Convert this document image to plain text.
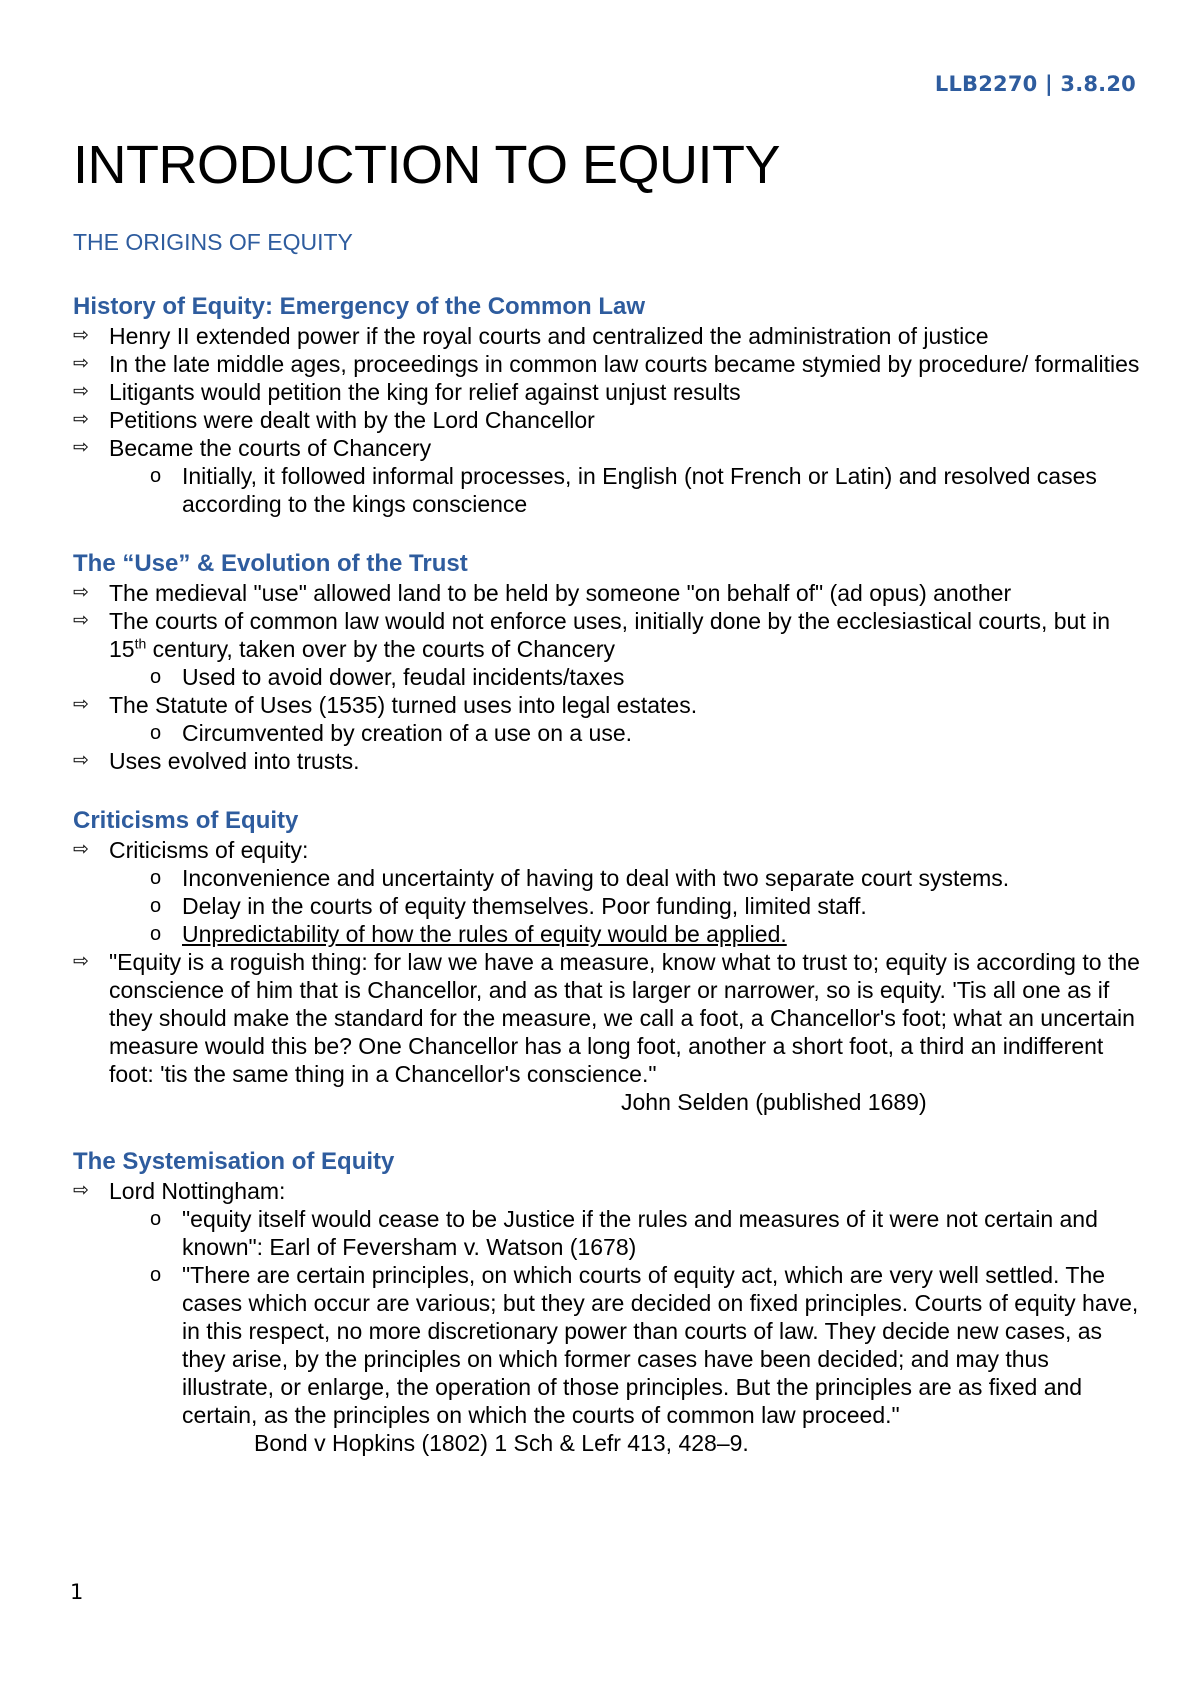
LLB2270 | 3.8.20
INTRODUCTION TO EQUITY
THE ORIGINS OF EQUITY
History of Equity: Emergency of the Common Law
⇨ Henry II extended power if the royal courts and centralized the administration of justice
⇨ In the late middle ages, proceedings in common law courts became stymied by procedure/ formalities
⇨ Litigants would petition the king for relief against unjust results
⇨ Petitions were dealt with by the Lord Chancellor
⇨ Became the courts of Chancery
o Initially, it followed informal processes, in English (not French or Latin) and resolved cases according to the kings conscience
The “Use” & Evolution of the Trust
⇨ The medieval "use" allowed land to be held by someone "on behalf of" (ad opus) another
⇨ The courts of common law would not enforce uses, initially done by the ecclesiastical courts, but in 15th century, taken over by the courts of Chancery
o Used to avoid dower, feudal incidents/taxes
⇨ The Statute of Uses (1535) turned uses into legal estates.
o Circumvented by creation of a use on a use.
⇨ Uses evolved into trusts.
Criticisms of Equity
⇨ Criticisms of equity:
o Inconvenience and uncertainty of having to deal with two separate court systems.
o Delay in the courts of equity themselves. Poor funding, limited staff.
o Unpredictability of how the rules of equity would be applied.
⇨ "Equity is a roguish thing: for law we have a measure, know what to trust to; equity is according to the conscience of him that is Chancellor, and as that is larger or narrower, so is equity. 'Tis all one as if they should make the standard for the measure, we call a foot, a Chancellor's foot; what an uncertain measure would this be? One Chancellor has a long foot, another a short foot, a third an indifferent foot: 'tis the same thing in a Chancellor's conscience."
John Selden (published 1689)
The Systemisation of Equity
⇨ Lord Nottingham:
o "equity itself would cease to be Justice if the rules and measures of it were not certain and known": Earl of Feversham v. Watson (1678)
o "There are certain principles, on which courts of equity act, which are very well settled. The cases which occur are various; but they are decided on fixed principles. Courts of equity have, in this respect, no more discretionary power than courts of law. They decide new cases, as they arise, by the principles on which former cases have been decided; and may thus illustrate, or enlarge, the operation of those principles. But the principles are as fixed and certain, as the principles on which the courts of common law proceed."
Bond v Hopkins (1802) 1 Sch & Lefr 413, 428–9.
1
